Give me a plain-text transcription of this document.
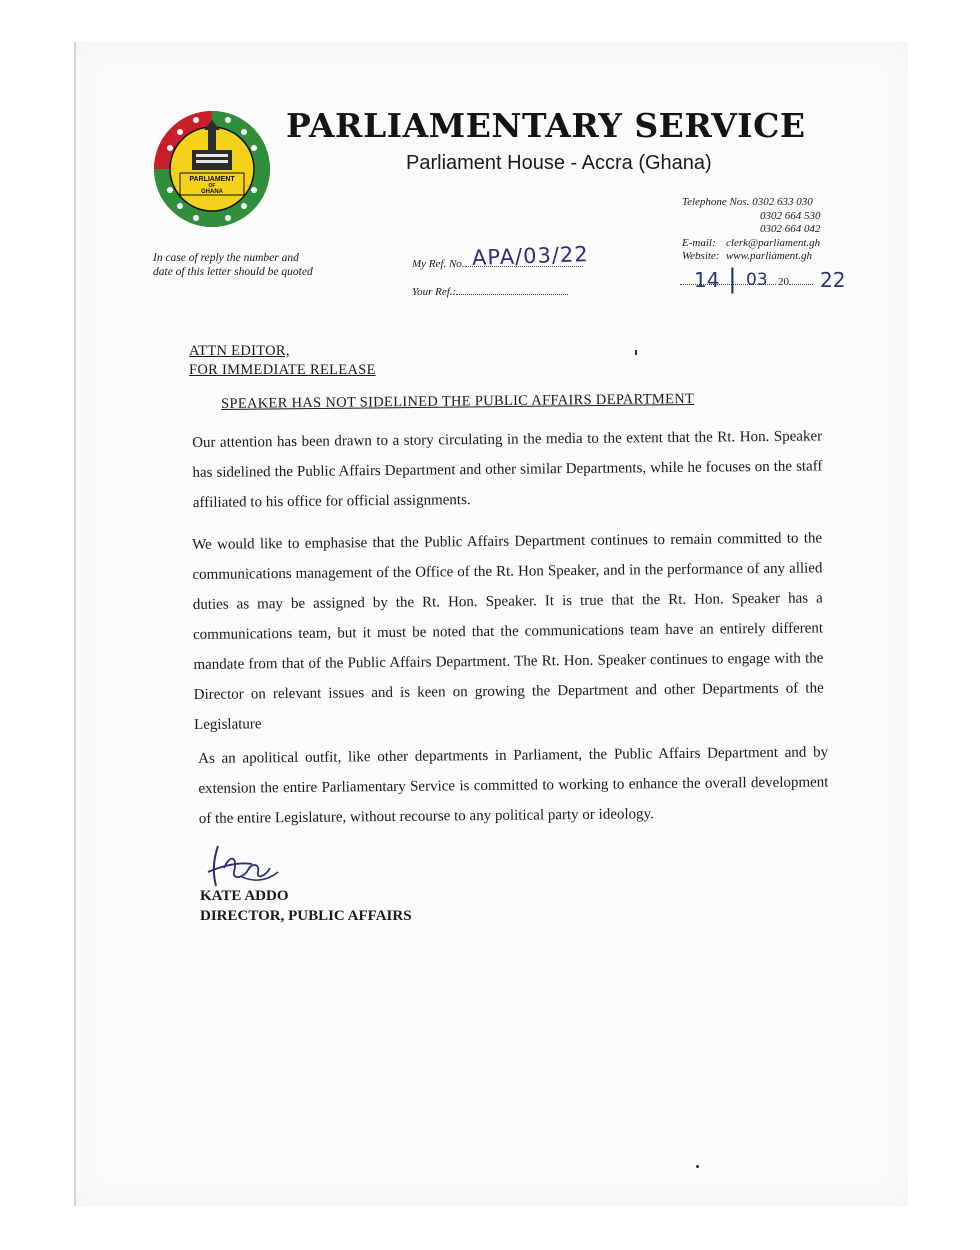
PARLIAMENT
OF
GHANA
PARLIAMENTARY SERVICE
Parliament House - Accra (Ghana)
In case of reply the number and date of this letter should be quoted
Telephone Nos.
0302 633 030
0302 664 530
0302 664 042
E-mail: clerk@parliament.gh
Website: www.parliament.gh
My Ref. No. APA/03/22
Your Ref.:
20
14 | 03	22
ATTN EDITOR,
FOR IMMEDIATE RELEASE
SPEAKER HAS NOT SIDELINED THE PUBLIC AFFAIRS DEPARTMENT
Our attention has been drawn to a story circulating in the media to the extent that the Rt. Hon. Speaker has sidelined the Public Affairs Department and other similar Departments, while he focuses on the staff affiliated to his office for official assignments.
We would like to emphasise that the Public Affairs Department continues to remain committed to the communications management of the Office of the Rt. Hon Speaker, and in the performance of any allied duties as may be assigned by the Rt. Hon. Speaker. It is true that the Rt. Hon. Speaker has a communications team, but it must be noted that the communications team have an entirely different mandate from that of the Public Affairs Department. The Rt. Hon. Speaker continues to engage with the Director on relevant issues and is keen on growing the Department and other Departments of the Legislature
As an apolitical outfit, like other departments in Parliament, the Public Affairs Department and by extension the entire Parliamentary Service is committed to working to enhance the overall development of the entire Legislature, without recourse to any political party or ideology.
KATE ADDO
DIRECTOR, PUBLIC AFFAIRS
